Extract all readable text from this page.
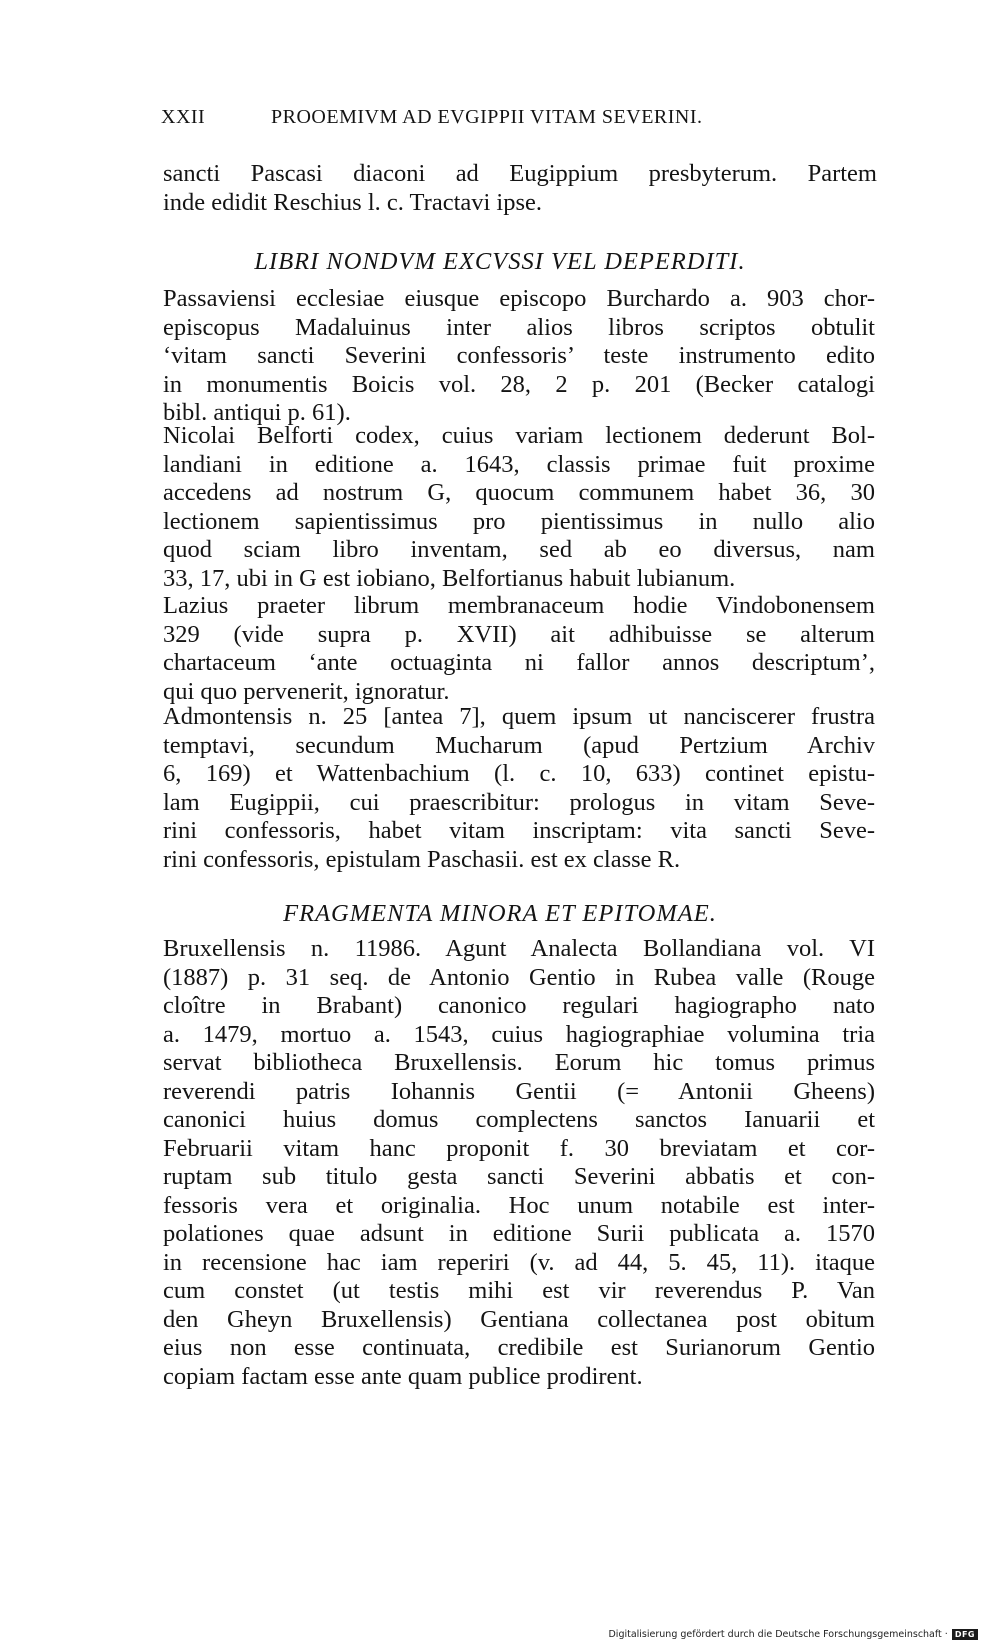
XXII	PROOEMIVM AD EVGIPPII VITAM SEVERINI.
sancti Pascasi diaconi ad Eugippium presbyterum. Partem
inde edidit Reschius l. c. Tractavi ipse.
LIBRI NONDVM EXCVSSI VEL DEPERDITI.
Passaviensi ecclesiae eiusque episcopo Burchardo a. 903 chor-
episcopus Madaluinus inter alios libros scriptos obtulit
‘vitam sancti Severini confessoris’ teste instrumento edito
in monumentis Boicis vol. 28, 2 p. 201 (Becker catalogi
bibl. antiqui p. 61).
Nicolai Belforti codex, cuius variam lectionem dederunt Bol-
landiani in editione a. 1643, classis primae fuit proxime
accedens ad nostrum G, quocum communem habet 36, 30
lectionem sapientissimus pro pientissimus in nullo alio
quod sciam libro inventam, sed ab eo diversus, nam
33, 17, ubi in G est iobiano, Belfortianus habuit lubianum.
Lazius praeter librum membranaceum hodie Vindobonensem
329 (vide supra p. XVII) ait adhibuisse se alterum
chartaceum ‘ante octuaginta ni fallor annos descriptum’,
qui quo pervenerit, ignoratur.
Admontensis n. 25 [antea 7], quem ipsum ut nanciscerer frustra
temptavi, secundum Mucharum (apud Pertzium Archiv
6, 169) et Wattenbachium (l. c. 10, 633) continet epistu-
lam Eugippii, cui praescribitur: prologus in vitam Seve-
rini confessoris, habet vitam inscriptam: vita sancti Seve-
rini confessoris, epistulam Paschasii. est ex classe R.
FRAGMENTA MINORA ET EPITOMAE.
Bruxellensis n. 11986. Agunt Analecta Bollandiana vol. VI
(1887) p. 31 seq. de Antonio Gentio in Rubea valle (Rouge
cloître in Brabant) canonico regulari hagiographo nato
a. 1479, mortuo a. 1543, cuius hagiographiae volumina tria
servat bibliotheca Bruxellensis. Eorum hic tomus primus
reverendi patris Iohannis Gentii (= Antonii Gheens)
canonici huius domus complectens sanctos Ianuarii et
Februarii vitam hanc proponit f. 30 breviatam et cor-
ruptam sub titulo gesta sancti Severini abbatis et con-
fessoris vera et originalia. Hoc unum notabile est inter-
polationes quae adsunt in editione Surii publicata a. 1570
in recensione hac iam reperiri (v. ad 44, 5. 45, 11). itaque
cum constet (ut testis mihi est vir reverendus P. Van
den Gheyn Bruxellensis) Gentiana collectanea post obitum
eius non esse continuata, credibile est Surianorum Gentio
copiam factam esse ante quam publice prodirent.
Digitalisierung gefördert durch die Deutsche Forschungsgemeinschaft · DFG
